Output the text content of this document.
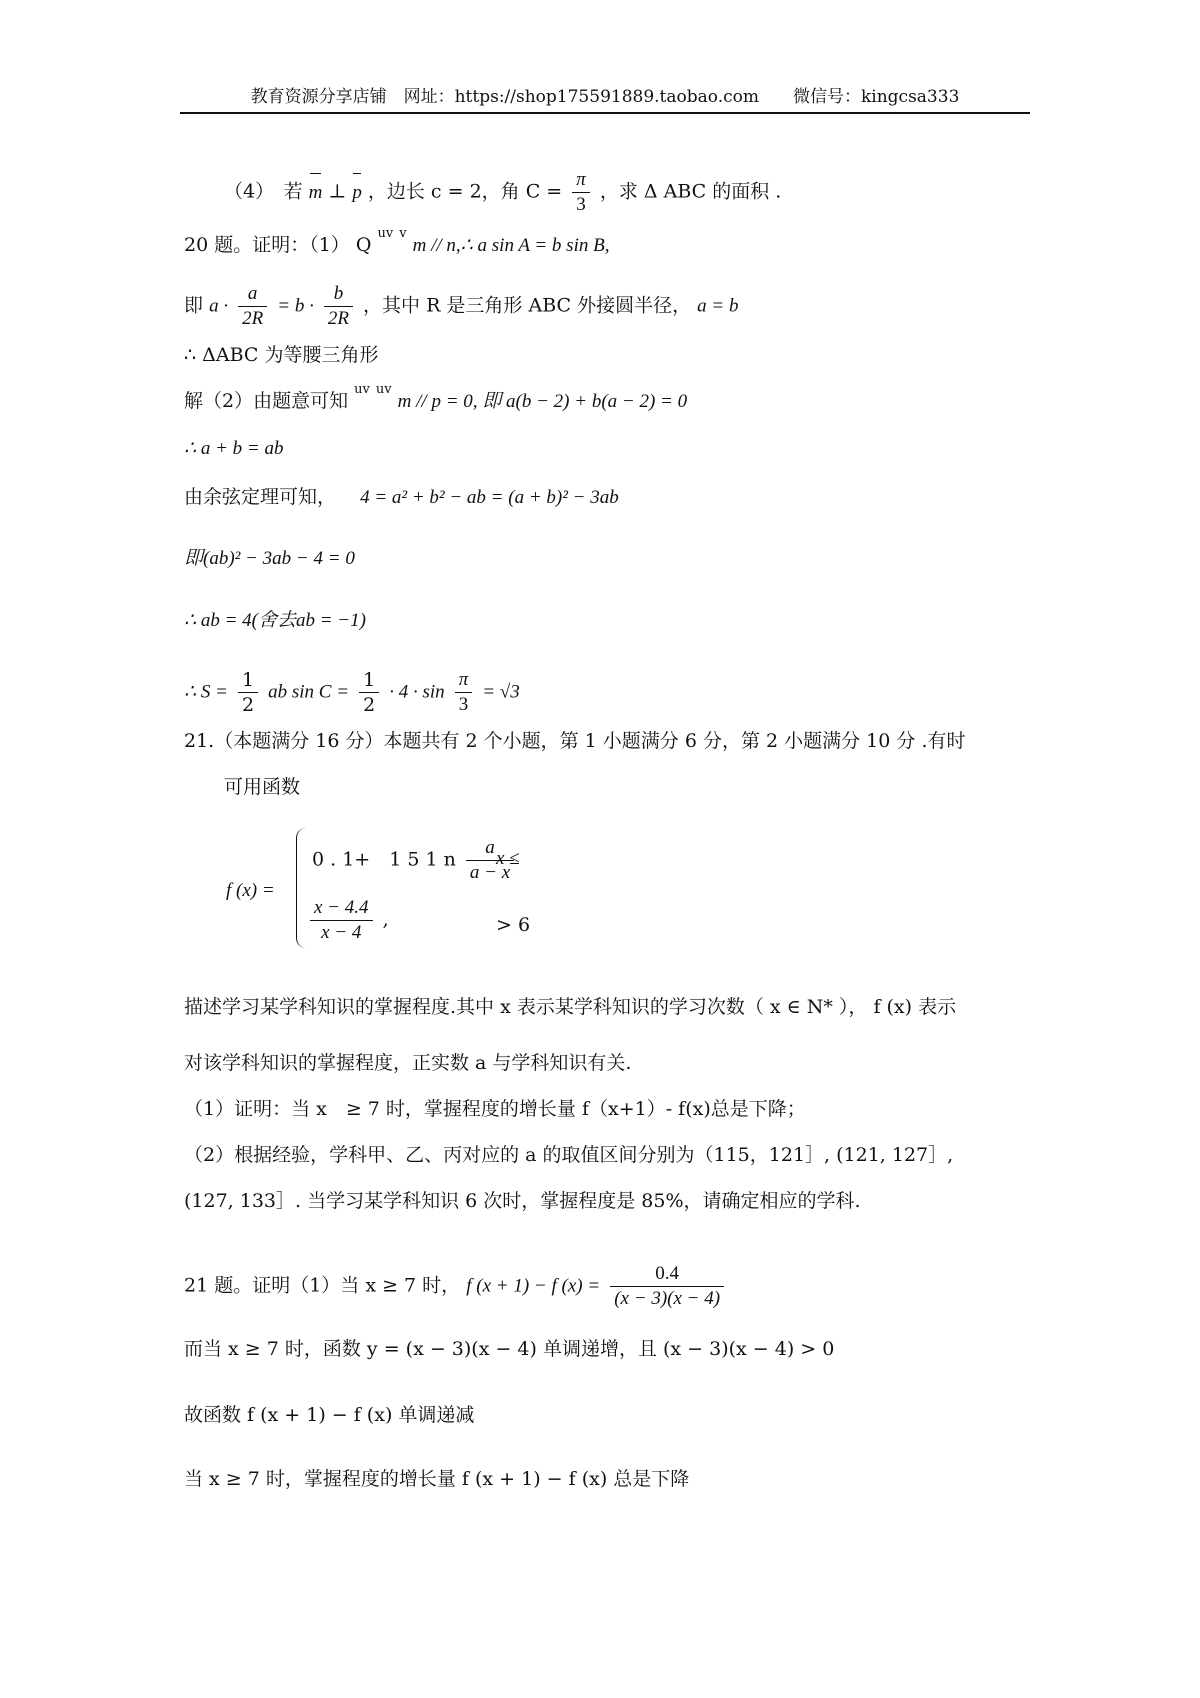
教育资源分享店铺　网址：https://shop175591889.taobao.com　　微信号：kingcsa333
（4）　若 m ⊥ p ，边长 c = 2，角 $C = \frac{\pi}{3}$ ，求 Δ ABC 的面积 .
20 题。证明：（1） Q $^{uv}$ $^v$ m // n,∴ a sin A = b sin B,
即 $a \cdot \frac{a}{2R} = b \cdot \frac{b}{2R}$ ，其中 R 是三角形 ABC 外接圆半径， a = b
∴ ΔABC 为等腰三角形
解（2）由题意可知 $^{uv}$ $^{uv}$ m // p = 0, 即 a(b − 2) + b(a − 2) = 0
∴ a + b = ab
由余弦定理可知， 4 = a² + b² − ab = (a + b)² − 3ab
即(ab)² − 3ab − 4 = 0
∴ ab = 4(舍去ab = −1)
∴ $S = \frac{1}{2}$ ab $\sin C = \frac{1}{2} \cdot 4 \cdot \sin \frac{\pi}{3} = √3$
21.（本题满分 16 分）本题共有 2 个小题，第 1 小题满分 6 分，第 2 小题满分 10 分 .有时
可用函数
f (x) =
0 . 1+　1 5 1 n $\frac{a}{a - x}$
x ≤
$\frac{x - 4.4}{x - 4}$ ,	> 6
描述学习某学科知识的掌握程度.其中 x 表示某学科知识的学习次数（ x ∈ N* ）， f (x) 表示
对该学科知识的掌握程度，正实数 a 与学科知识有关.
（1）证明：当 x　≥ 7 时，掌握程度的增长量 f（x+1）- f(x)总是下降；
（2）根据经验，学科甲、乙、丙对应的 a 的取值区间分别为（115，121］, (121, 127］,
(127, 133］. 当学习某学科知识 6 次时，掌握程度是 85%，请确定相应的学科.
21 题。证明（1）当 x ≥ 7 时， f (x + 1) − f $(x) = \frac{0.4}{(x - 3)(x - 4)}$
而当 x ≥ 7 时，函数 y = (x − 3)(x − 4) 单调递增，且 (x − 3)(x − 4) > 0
故函数 f (x + 1) − f (x) 单调递减
当 x ≥ 7 时，掌握程度的增长量 f (x + 1) − f (x) 总是下降
